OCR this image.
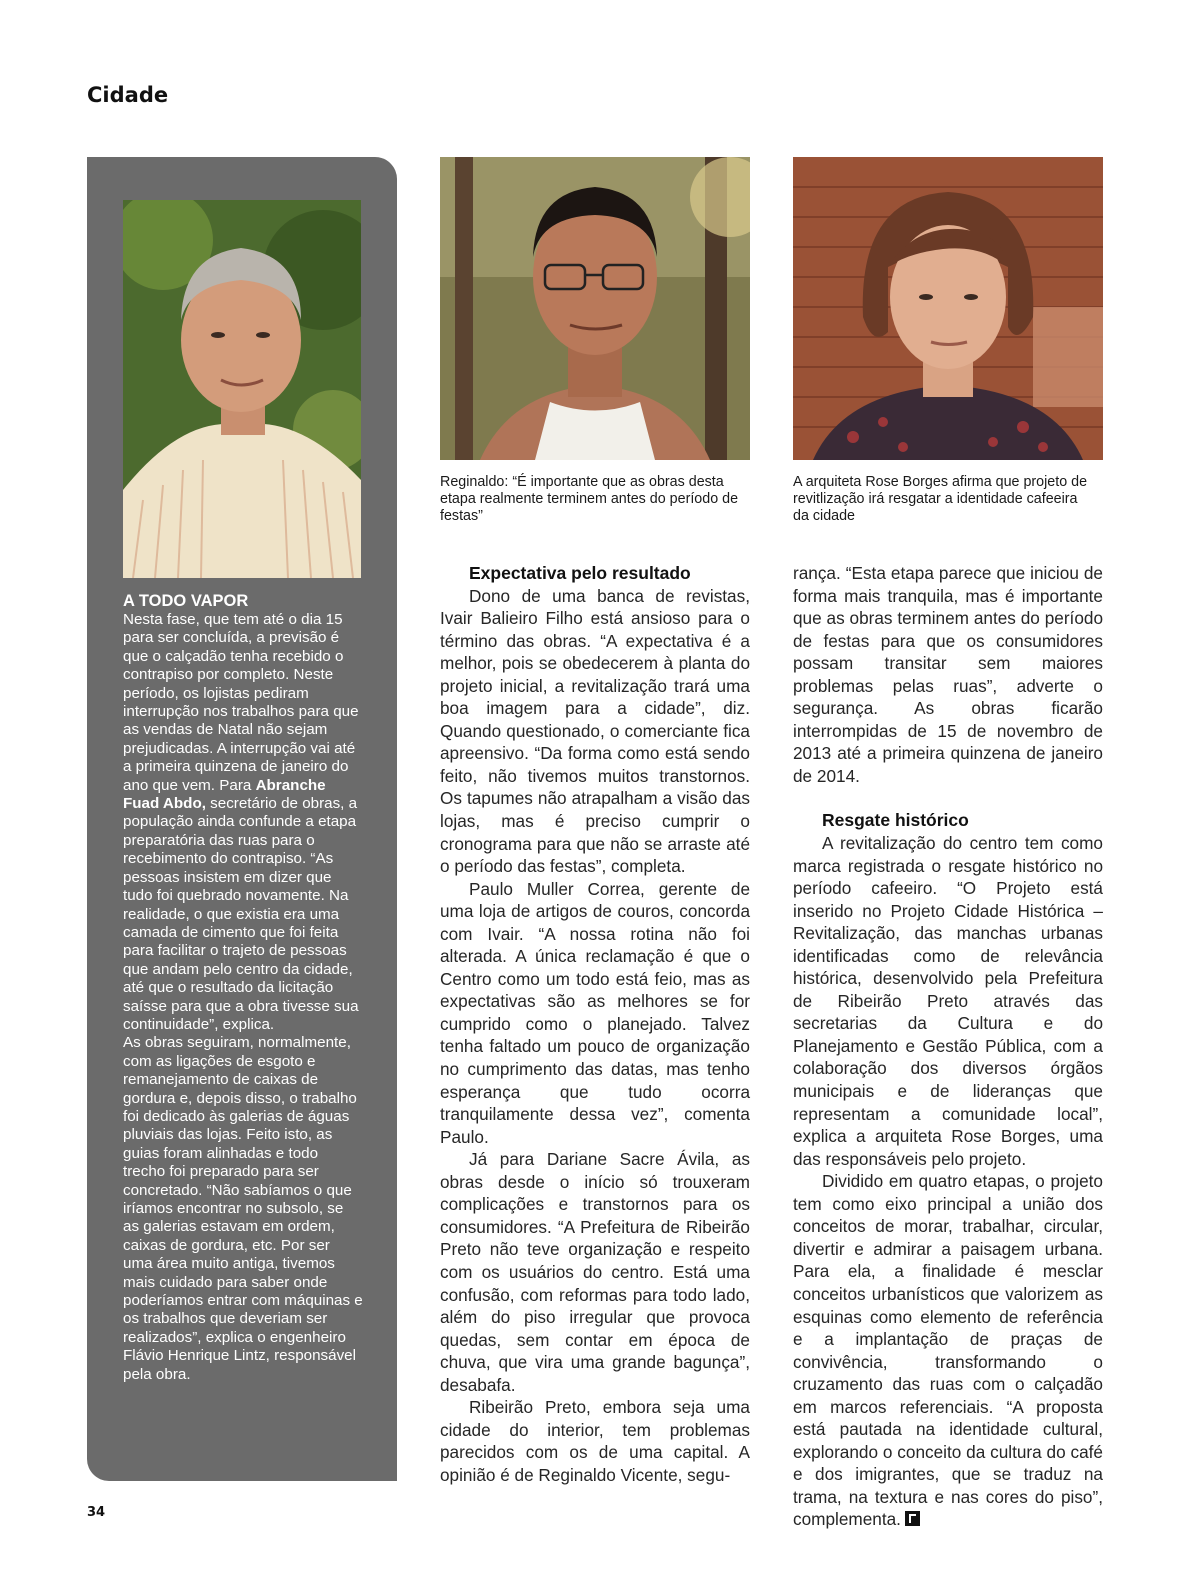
Cidade
A TODO VAPOR

Nesta fase, que tem até o dia 15 para ser concluída, a previsão é que o calçadão tenha recebido o contrapiso por completo. Neste período, os lojistas pediram interrupção nos trabalhos para que as vendas de Natal não sejam prejudicadas. A interrupção vai até a primeira quinzena de janeiro do ano que vem. Para Abranche Fuad Abdo, secretário de obras, a população ainda confunde a etapa preparatória das ruas para o recebimento do contrapiso. “As pessoas insistem em dizer que tudo foi quebrado novamente. Na realidade, o que existia era uma camada de cimento que foi feita para facilitar o trajeto de pessoas que andam pelo centro da cidade, até que o resultado da licitação saísse para que a obra tivesse sua continuidade”, explica.

As obras seguiram, normalmente, com as ligações de esgoto e remanejamento de caixas de gordura e, depois disso, o trabalho foi dedicado às galerias de águas pluviais das lojas. Feito isto, as guias foram alinhadas e todo trecho foi preparado para ser concretado. “Não sabíamos o que iríamos encontrar no subsolo, se as galerias estavam em ordem, caixas de gordura, etc. Por ser uma área muito antiga, tivemos mais cuidado para saber onde poderíamos entrar com máquinas e os trabalhos que deveriam ser realizados”, explica o engenheiro Flávio Henrique Lintz, responsável pela obra.

Reginaldo: “É importante que as obras desta etapa realmente terminem antes do período de festas”

A arquiteta Rose Borges afirma que projeto de revitlização irá resgatar a identidade cafeeira da cidade

Expectativa pelo resultado

Dono de uma banca de revistas, Ivair Balieiro Filho está ansioso para o término das obras. “A expectativa é a melhor, pois se obedecerem à planta do projeto inicial, a revitalização trará uma boa imagem para a cidade”, diz. Quando questionado, o comerciante fica apreensivo. “Da forma como está sendo feito, não tivemos muitos transtornos. Os tapumes não atrapalham a visão das lojas, mas é preciso cumprir o cronograma para que não se arraste até o período das festas”, completa.

Paulo Muller Correa, gerente de uma loja de artigos de couros, concorda com Ivair. “A nossa rotina não foi alterada. A única reclamação é que o Centro como um todo está feio, mas as expectativas são as melhores se for cumprido como o planejado. Talvez tenha faltado um pouco de organização no cumprimento das datas, mas tenho esperança que tudo ocorra tranquilamente dessa vez”, comenta Paulo.

Já para Dariane Sacre Ávila, as obras desde o início só trouxeram complicações e transtornos para os consumidores. “A Prefeitura de Ribeirão Preto não teve organização e respeito com os usuários do centro. Está uma confusão, com reformas para todo lado, além do piso irregular que provoca quedas, sem contar em época de chuva, que vira uma grande bagunça”, desabafa.

Ribeirão Preto, embora seja uma cidade do interior, tem problemas parecidos com os de uma capital. A opinião é de Reginaldo Vicente, segu-

rança. “Esta etapa parece que iniciou de forma mais tranquila, mas é importante que as obras terminem antes do período de festas para que os consumidores possam transitar sem maiores problemas pelas ruas”, adverte o segurança. As obras ficarão interrompidas de 15 de novembro de 2013 até a primeira quinzena de janeiro de 2014.

Resgate histórico

A revitalização do centro tem como marca registrada o resgate histórico no período cafeeiro. “O Projeto está inserido no Projeto Cidade Histórica – Revitalização, das manchas urbanas identificadas como de relevância histórica, desenvolvido pela Prefeitura de Ribeirão Preto através das secretarias da Cultura e do Planejamento e Gestão Pública, com a colaboração dos diversos órgãos municipais e de lideranças que representam a comunidade local”, explica a arquiteta Rose Borges, uma das responsáveis pelo projeto.

Dividido em quatro etapas, o projeto tem como eixo principal a união dos conceitos de morar, trabalhar, circular, divertir e admirar a paisagem urbana. Para ela, a finalidade é mesclar conceitos urbanísticos que valorizem as esquinas como elemento de referência e a implantação de praças de convivência, transformando o cruzamento das ruas com o calçadão em marcos referenciais. “A proposta está pautada na identidade cultural, explorando o conceito da cultura do café e dos imigrantes, que se traduz na trama, na textura e nas cores do piso”, complementa.

34
